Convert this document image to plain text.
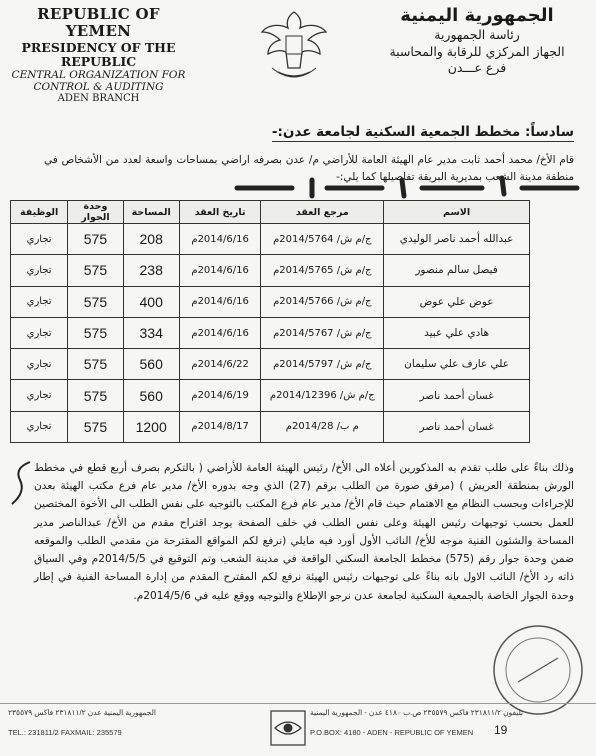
REPUBLIC OF YEMEN
PRESIDENCY OF THE REPUBLIC
CENTRAL ORGANIZATION FOR
CONTROL & AUDITING
ADEN BRANCH
الجمهورية اليمنية
رئاسة الجمهورية
الجهاز المركزي للرقابة والمحاسبة
فرع عـــدن
سادساً: مخطط الجمعية السكنية لجامعة عدن:-
قام الأخ/ محمد أحمد ثابت مدير عام الهيئة العامة للأراضي م/ عدن بصرفه اراضي بمساحات واسعة لعدد من الأشخاص في منطقة مدينة الشعب بمديرية البريقة تفاصيلها كما يلي:-
الاسم	مرجع العقد	تاريخ العقد	المساحة	وحدة الجوار	الوظيفة
عبدالله أحمد ناصر الوليدي	ج/م ش/ 2014/5764م	2014/6/16م	208	575	تجاري
فيصل سالم منصور	ج/م ش/ 2014/5765م	2014/6/16م	238	575	تجاري
عوض علي عوض	ج/م ش/ 2014/5766م	2014/6/16م	400	575	تجاري
هادي علي عبيد	ج/م ش/ 2014/5767م	2014/6/16م	334	575	تجاري
علي عارف علي سليمان	ج/م ش/ 2014/5797م	2014/6/22م	560	575	تجاري
غسان أحمد ناصر	ج/م ش/ 2014/12396م	2014/6/19م	560	575	تجاري
غسان أحمد ناصر	م ب/ 2014/28م	2014/8/17م	1200	575	تجاري
وذلك بناءً على طلب تقدم به المذكورين أعلاه الى الأخ/ رئيس الهيئة العامة للأراضي ( بالتكرم بصرف أربع قطع في مخطط الورش بمنطقة العريش ) (مرفق صورة من الطلب برقم (27) الذي وجه بدوره الأخ/ مدير عام فرع مكتب الهيئة بعدن للإجراءات وبحسب النظام مع الاهتمام حيث قام الأخ/ مدير عام فرع المكتب بالتوجيه على نفس الطلب الى الأخوة المختصين للعمل بحسب توجيهات رئيس الهيئة وعلى نفس الطلب في خلف الصفحة يوجد اقتراح مقدم من الأخ/ عبدالناصر مدير المساحة والشئون الفنية موجه للأخ/ النائب الأول أورد فيه مايلي (نرفع لكم المواقع المقترحة من مقدمي الطلب والموقعه ضمن وحدة جوار رقم (575) مخطط الجامعة السكني الواقعة في مدينة الشعب وتم التوقيع في 2014/5/5م وفي السياق ذاته رد الأخ/ النائب الاول بانه بناءً على توجيهات رئيس الهيئة نرفع لكم المقترح المقدم من إدارة المساحة الفنية في إطار وحدة الجوار الخاصة بالجمعية السكنية لجامعة عدن نرجو الإطلاع والتوجيه ووقع عليه في 2014/5/6م.
الجمهورية اليمنية عدن ٢٣١٨١١/٢ فاكس ٢٣٥٥٧٩
TEL.: 231811/2 FAXMAIL: 235579
تليفون ٢٣١٨١١/٢ فاكس ٢٣٥٥٧٩ ص.ب ٤١٨٠ عدن - الجمهورية اليمنية
P.O.BOX: 4180 - ADEN - REPUBLIC OF YEMEN 19
